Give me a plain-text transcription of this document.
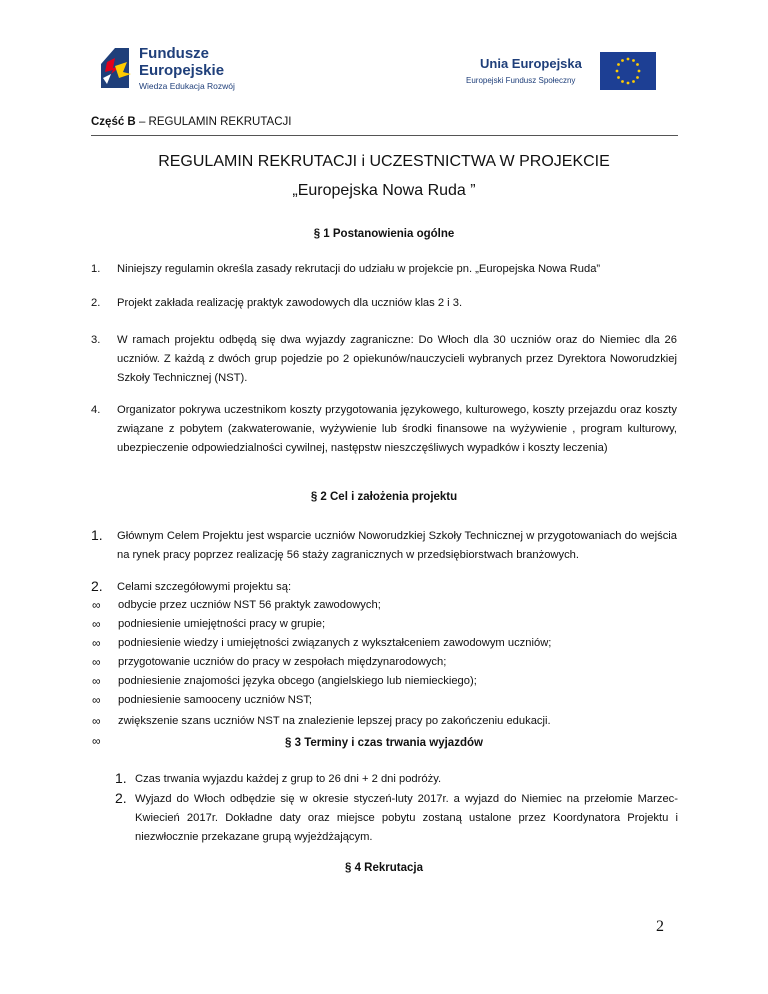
Fundusze
Europejskie
Wiedza Edukacja Rozwój
Unia Europejska
Europejski Fundusz Społeczny
Część B – REGULAMIN REKRUTACJI
REGULAMIN REKRUTACJI i UCZESTNICTWA W PROJEKCIE
„Europejska Nowa Ruda ”
§ 1 Postanowienia ogólne
1. Niniejszy regulamin określa zasady rekrutacji do udziału w projekcie pn. „Europejska Nowa Ruda”
2. Projekt zakłada realizację praktyk zawodowych dla uczniów klas 2 i 3.
3. W ramach projektu odbędą się dwa wyjazdy zagraniczne: Do Włoch dla 30 uczniów oraz do Niemiec dla 26 uczniów. Z każdą z dwóch grup pojedzie po 2 opiekunów/nauczycieli wybranych przez Dyrektora Noworudzkiej Szkoły Technicznej (NST).
4. Organizator pokrywa uczestnikom koszty przygotowania językowego, kulturowego, koszty przejazdu oraz koszty związane z pobytem (zakwaterowanie, wyżywienie lub środki finansowe na wyżywienie , program kulturowy, ubezpieczenie odpowiedzialności cywilnej, następstw nieszczęśliwych wypadków i koszty leczenia)
§ 2 Cel i założenia projektu
1. Głównym Celem Projektu jest wsparcie uczniów Noworudzkiej Szkoły Technicznej w przygotowaniach do wejścia na rynek pracy poprzez realizację 56 staży zagranicznych w przedsiębiorstwach branżowych.
2. Celami szczegółowymi projektu są:
∞	odbycie przez uczniów NST 56 praktyk zawodowych;
∞	podniesienie umiejętności pracy w grupie;
∞	podniesienie wiedzy i umiejętności związanych z wykształceniem zawodowym uczniów;
∞	przygotowanie uczniów do pracy w zespołach międzynarodowych;
∞	podniesienie znajomości języka obcego (angielskiego lub niemieckiego);
∞	podniesienie samooceny uczniów NST;
∞	zwiększenie szans uczniów NST na znalezienie lepszej pracy po zakończeniu edukacji.
∞	§ 3 Terminy i czas trwania wyjazdów
1. Czas trwania wyjazdu każdej z grup to 26 dni + 2 dni podróży.
2. Wyjazd do Włoch odbędzie się w okresie styczeń-luty 2017r. a wyjazd do Niemiec na przełomie Marzec-Kwiecień 2017r. Dokładne daty oraz miejsce pobytu zostaną ustalone przez Koordynatora Projektu i niezwłocznie przekazane grupą wyjeżdżającym.
§ 4 Rekrutacja
2
